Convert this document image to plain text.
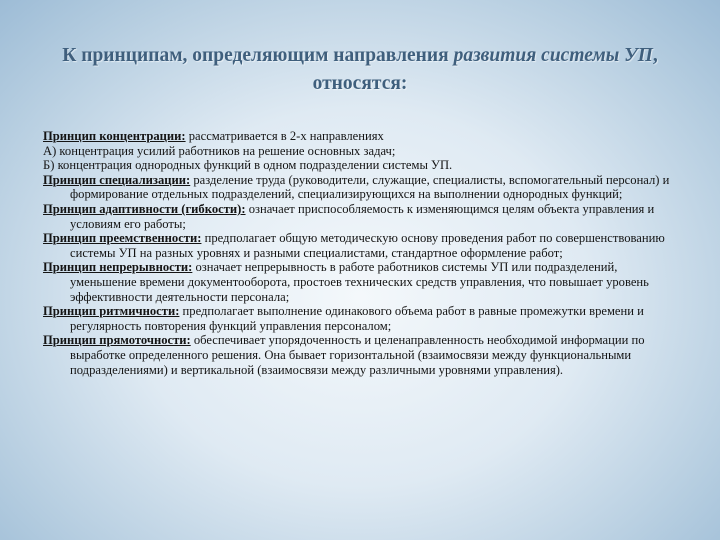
К принципам, определяющим направления развития системы УП, относятся:

Принцип концентрации: рассматривается в 2-х направлениях

А) концентрация усилий работников на решение основных задач;

Б) концентрация однородных функций в одном подразделении системы УП.

Принцип специализации: разделение труда (руководители, служащие, специалисты, вспомогательный персонал) и формирование отдельных подразделений, специализирующихся на выполнении однородных функций;

Принцип адаптивности (гибкости): означает приспособляемость к изменяющимся целям объекта управления и условиям его работы;

Принцип преемственности: предполагает общую методическую основу проведения работ по совершенствованию системы УП на разных уровнях и разными специалистами, стандартное оформление работ;

Принцип непрерывности: означает непрерывность в работе работников системы УП или подразделений, уменьшение времени документооборота, простоев технических средств управления, что повышает уровень эффективности деятельности персонала;

Принцип ритмичности: предполагает выполнение одинакового объема работ в равные промежутки времени и регулярность повторения функций управления персоналом;

Принцип прямоточности: обеспечивает упорядоченность и целенаправленность необходимой информации по выработке определенного решения. Она бывает горизонтальной (взаимосвязи между функциональными подразделениями) и вертикальной (взаимосвязи между различными уровнями управления).
